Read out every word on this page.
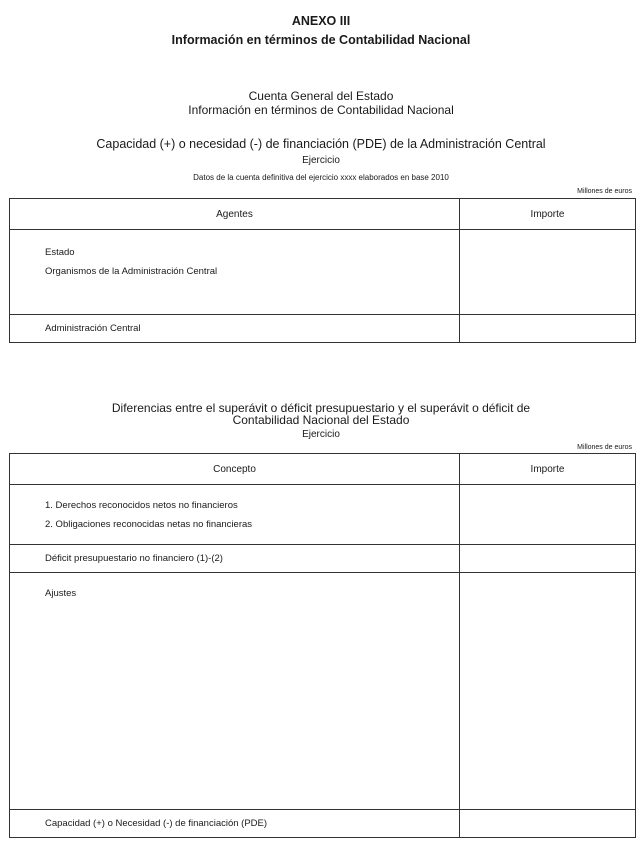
ANEXO III
Información en términos de Contabilidad Nacional
Cuenta General del Estado
Información en términos de Contabilidad Nacional
Capacidad (+) o necesidad (-) de financiación (PDE) de la Administración Central
Ejercicio
Datos de la cuenta definitiva del ejercicio xxxx elaborados en base 2010
Millones de euros
Agentes	Importe

Estado
Organismos de la Administración Central	

Administración Central	

Diferencias entre el superávit o déficit presupuestario y el superávit o déficit de
Contabilidad Nacional del Estado
Ejercicio
Millones de euros
Concepto	Importe

1. Derechos reconocidos netos no financieros
2. Obligaciones reconocidas netas no financieras	

Déficit presupuestario no financiero (1)-(2)	

Ajustes	

Capacidad (+) o Necesidad (-) de financiación (PDE)	
